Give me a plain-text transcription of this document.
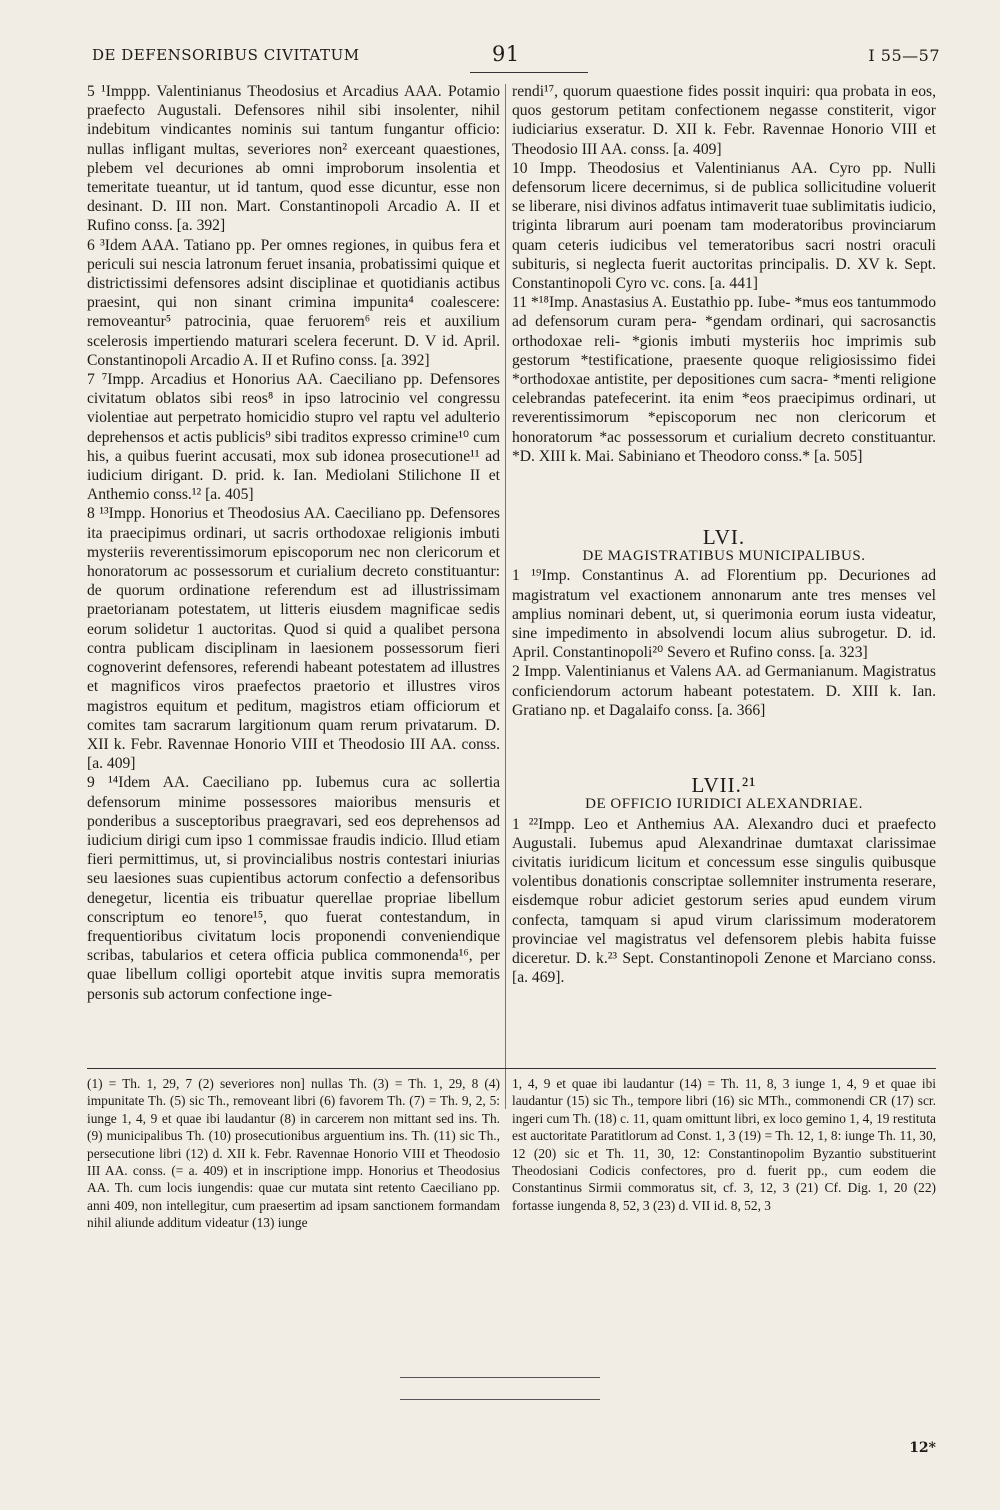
DE DEFENSORIBUS CIVITATUM	91	I 55—57

5 ¹Imppp. Valentinianus Theodosius et Arcadius AAA. Potamio praefecto Augustali. Defensores nihil sibi insolenter, nihil indebitum vindicantes nominis sui tantum fungantur officio: nullas infligant multas, severiores non² exerceant quaestiones, plebem vel decuriones ab omni improborum insolentia et temeritate tueantur, ut id tantum, quod esse dicuntur, esse non desinant. D. III non. Mart. Constantinopoli Arcadio A. II et Rufino conss. [a. 392]

6 ³Idem AAA. Tatiano pp. Per omnes regiones, in quibus fera et periculi sui nescia latronum feruet insania, probatissimi quique et districtissimi defensores adsint disciplinae et quotidianis actibus praesint, qui non sinant crimina impunita⁴ coalescere: removeantur⁵ patrocinia, quae feruorem⁶ reis et auxilium scelerosis impertiendo maturari scelera fecerunt. D. V id. April. Constantinopoli Arcadio A. II et Rufino conss. [a. 392]

7 ⁷Impp. Arcadius et Honorius AA. Caeciliano pp. Defensores civitatum oblatos sibi reos⁸ in ipso latrocinio vel congressu violentiae aut perpetrato homicidio stupro vel raptu vel adulterio deprehensos et actis publicis⁹ sibi traditos expresso crimine¹⁰ cum his, a quibus fuerint accusati, mox sub idonea prosecutione¹¹ ad iudicium dirigant. D. prid. k. Ian. Mediolani Stilichone II et Anthemio conss.¹² [a. 405]

8 ¹³Impp. Honorius et Theodosius AA. Caeciliano pp. Defensores ita praecipimus ordinari, ut sacris orthodoxae religionis imbuti mysteriis reverentissimorum episcoporum nec non clericorum et honoratorum ac possessorum et curialium decreto constituantur: de quorum ordinatione referendum est ad illustrissimam praetorianam potestatem, ut litteris eiusdem magnificae sedis eorum solidetur 1 auctoritas. Quod si quid a qualibet persona contra publicam disciplinam in laesionem possessorum fieri cognoverint defensores, referendi habeant potestatem ad illustres et magnificos viros praefectos praetorio et illustres viros magistros equitum et peditum, magistros etiam officiorum et comites tam sacrarum largitionum quam rerum privatarum. D. XII k. Febr. Ravennae Honorio VIII et Theodosio III AA. conss. [a. 409]

9 ¹⁴Idem AA. Caeciliano pp. Iubemus cura ac sollertia defensorum minime possessores maioribus mensuris et ponderibus a susceptoribus praegravari, sed eos deprehensos ad iudicium dirigi cum ipso 1 commissae fraudis indicio. Illud etiam fieri permittimus, ut, si provincialibus nostris contestari iniurias seu laesiones suas cupientibus actorum confectio a defensoribus denegetur, licentia eis tribuatur querellae propriae libellum conscriptum eo tenore¹⁵, quo fuerat contestandum, in frequentioribus civitatum locis proponendi conveniendique scribas, tabularios et cetera officia publica commonenda¹⁶, per quae libellum colligi oportebit atque invitis supra memoratis personis sub actorum confectione inge-

rendi¹⁷, quorum quaestione fides possit inquiri: qua probata in eos, quos gestorum petitam confectionem negasse constiterit, vigor iudiciarius exseratur. D. XII k. Febr. Ravennae Honorio VIII et Theodosio III AA. conss. [a. 409]

10 Impp. Theodosius et Valentinianus AA. Cyro pp. Nulli defensorum licere decernimus, si de publica sollicitudine voluerit se liberare, nisi divinos adfatus intimaverit tuae sublimitatis iudicio, triginta librarum auri poenam tam moderatoribus provinciarum quam ceteris iudicibus vel temeratoribus sacri nostri oraculi subituris, si neglecta fuerit auctoritas principalis. D. XV k. Sept. Constantinopoli Cyro vc. cons. [a. 441]

11 *¹⁸Imp. Anastasius A. Eustathio pp. Iube- *mus eos tantummodo ad defensorum curam pera- *gendam ordinari, qui sacrosanctis orthodoxae reli- *gionis imbuti mysteriis hoc imprimis sub gestorum *testificatione, praesente quoque religiosissimo fidei *orthodoxae antistite, per depositiones cum sacra- *menti religione celebrandas patefecerint. ita enim *eos praecipimus ordinari, ut reverentissimorum *episcoporum nec non clericorum et honoratorum *ac possessorum et curialium decreto constituantur. *D. XIII k. Mai. Sabiniano et Theodoro conss.* [a. 505]

LVI.

DE MAGISTRATIBUS MUNICIPALIBUS.

1 ¹⁹Imp. Constantinus A. ad Florentium pp. Decuriones ad magistratum vel exactionem annonarum ante tres menses vel amplius nominari debent, ut, si querimonia eorum iusta videatur, sine impedimento in absolvendi locum alius subrogetur. D. id. April. Constantinopoli²⁰ Severo et Rufino conss. [a. 323]

2 Impp. Valentinianus et Valens AA. ad Germanianum. Magistratus conficiendorum actorum habeant potestatem. D. XIII k. Ian. Gratiano np. et Dagalaifo conss. [a. 366]

LVII.²¹

DE OFFICIO IURIDICI ALEXANDRIAE.

1 ²²Impp. Leo et Anthemius AA. Alexandro duci et praefecto Augustali. Iubemus apud Alexandrinae dumtaxat clarissimae civitatis iuridicum licitum et concessum esse singulis quibusque volentibus donationis conscriptae sollemniter instrumenta reserare, eisdemque robur adiciet gestorum series apud eundem virum confecta, tamquam si apud virum clarissimum moderatorem provinciae vel magistratus vel defensorem plebis habita fuisse diceretur. D. k.²³ Sept. Constantinopoli Zenone et Marciano conss. [a. 469].

(1) = Th. 1, 29, 7 (2) severiores non] nullas Th. (3) = Th. 1, 29, 8 (4) impunitate Th. (5) sic Th., removeant libri (6) favorem Th. (7) = Th. 9, 2, 5: iunge 1, 4, 9 et quae ibi laudantur (8) in carcerem non mittant sed ins. Th. (9) municipalibus Th. (10) prosecutionibus arguentium ins. Th. (11) sic Th., persecutione libri (12) d. XII k. Febr. Ravennae Honorio VIII et Theodosio III AA. conss. (= a. 409) et in inscriptione impp. Honorius et Theodosius AA. Th. cum locis iungendis: quae cur mutata sint retento Caeciliano pp. anni 409, non intellegitur, cum praesertim ad ipsam sanctionem formandam nihil aliunde additum videatur (13) iunge

1, 4, 9 et quae ibi laudantur (14) = Th. 11, 8, 3 iunge 1, 4, 9 et quae ibi laudantur (15) sic Th., tempore libri (16) sic MTh., commonendi CR (17) scr. ingeri cum Th. (18) c. 11, quam omittunt libri, ex loco gemino 1, 4, 19 restituta est auctoritate Paratitlorum ad Const. 1, 3 (19) = Th. 12, 1, 8: iunge Th. 11, 30, 12 (20) sic et Th. 11, 30, 12: Constantinopolim Byzantio substituerint Theodosiani Codicis confectores, pro d. fuerit pp., cum eodem die Constantinus Sirmii commoratus sit, cf. 3, 12, 3 (21) Cf. Dig. 1, 20 (22) fortasse iungenda 8, 52, 3 (23) d. VII id. 8, 52, 3

12*
